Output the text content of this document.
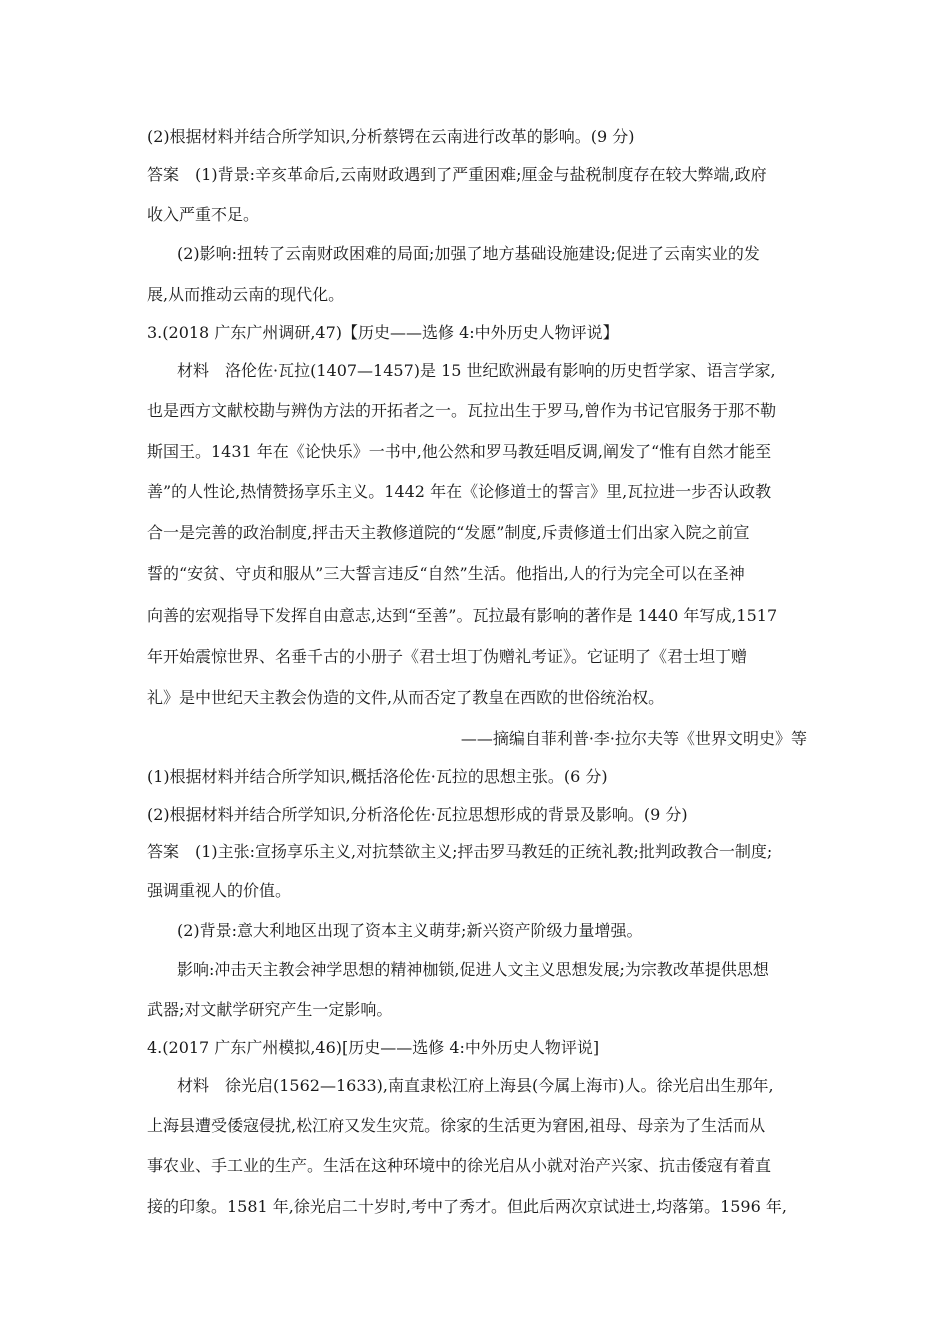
(2)根据材料并结合所学知识,分析蔡锷在云南进行改革的影响。(9 分)
答案　(1)背景:辛亥革命后,云南财政遇到了严重困难;厘金与盐税制度存在较大弊端,政府
收入严重不足。
(2)影响:扭转了云南财政困难的局面;加强了地方基础设施建设;促进了云南实业的发
展,从而推动云南的现代化。
3.(2018 广东广州调研,47)【历史——选修 4:中外历史人物评说】
材料　洛伦佐·瓦拉(1407—1457)是 15 世纪欧洲最有影响的历史哲学家、语言学家,
也是西方文献校勘与辨伪方法的开拓者之一。瓦拉出生于罗马,曾作为书记官服务于那不勒
斯国王。1431 年在《论快乐》一书中,他公然和罗马教廷唱反调,阐发了“惟有自然才能至
善”的人性论,热情赞扬享乐主义。1442 年在《论修道士的誓言》里,瓦拉进一步否认政教
合一是完善的政治制度,抨击天主教修道院的“发愿”制度,斥责修道士们出家入院之前宣
誓的“安贫、守贞和服从”三大誓言违反“自然”生活。他指出,人的行为完全可以在圣神
向善的宏观指导下发挥自由意志,达到“至善”。瓦拉最有影响的著作是 1440 年写成,1517
年开始震惊世界、名垂千古的小册子《君士坦丁伪赠礼考证》。它证明了《君士坦丁赠
礼》是中世纪天主教会伪造的文件,从而否定了教皇在西欧的世俗统治权。
——摘编自菲利普·李·拉尔夫等《世界文明史》等
(1)根据材料并结合所学知识,概括洛伦佐·瓦拉的思想主张。(6 分)
(2)根据材料并结合所学知识,分析洛伦佐·瓦拉思想形成的背景及影响。(9 分)
答案　(1)主张:宣扬享乐主义,对抗禁欲主义;抨击罗马教廷的正统礼教;批判政教合一制度;
强调重视人的价值。
(2)背景:意大利地区出现了资本主义萌芽;新兴资产阶级力量增强。
影响:冲击天主教会神学思想的精神枷锁,促进人文主义思想发展;为宗教改革提供思想
武器;对文献学研究产生一定影响。
4.(2017 广东广州模拟,46)[历史——选修 4:中外历史人物评说]
材料　徐光启(1562—1633),南直隶松江府上海县(今属上海市)人。徐光启出生那年,
上海县遭受倭寇侵扰,松江府又发生灾荒。徐家的生活更为窘困,祖母、母亲为了生活而从
事农业、手工业的生产。生活在这种环境中的徐光启从小就对治产兴家、抗击倭寇有着直
接的印象。1581 年,徐光启二十岁时,考中了秀才。但此后两次京试进士,均落第。1596 年,
